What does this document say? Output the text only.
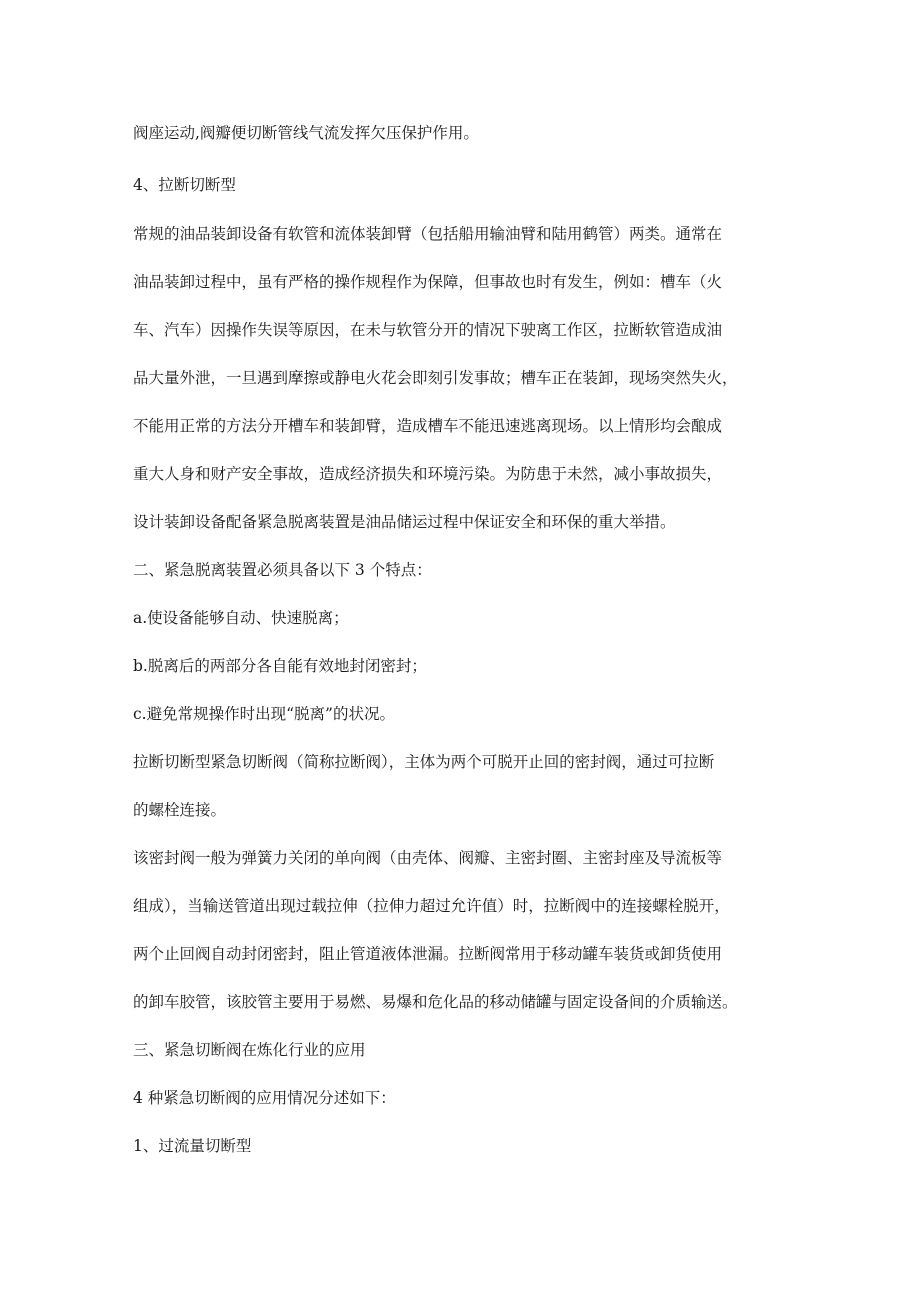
阀座运动,阀瓣便切断管线气流发挥欠压保护作用。
4、拉断切断型
常规的油品装卸设备有软管和流体装卸臂（包括船用输油臂和陆用鹤管）两类。通常在
油品装卸过程中，虽有严格的操作规程作为保障，但事故也时有发生，例如：槽车（火
车、汽车）因操作失误等原因，在未与软管分开的情况下驶离工作区，拉断软管造成油
品大量外泄，一旦遇到摩擦或静电火花会即刻引发事故；槽车正在装卸，现场突然失火，
不能用正常的方法分开槽车和装卸臂，造成槽车不能迅速逃离现场。以上情形均会酿成
重大人身和财产安全事故，造成经济损失和环境污染。为防患于未然，减小事故损失，
设计装卸设备配备紧急脱离装置是油品储运过程中保证安全和环保的重大举措。
二、紧急脱离装置必须具备以下 3 个特点：
a.使设备能够自动、快速脱离；
b.脱离后的两部分各自能有效地封闭密封；
c.避免常规操作时出现“脱离”的状况。
拉断切断型紧急切断阀（简称拉断阀），主体为两个可脱开止回的密封阀，通过可拉断
的螺栓连接。
该密封阀一般为弹簧力关闭的单向阀（由壳体、阀瓣、主密封圈、主密封座及导流板等
组成），当输送管道出现过载拉伸（拉伸力超过允许值）时，拉断阀中的连接螺栓脱开，
两个止回阀自动封闭密封，阻止管道液体泄漏。拉断阀常用于移动罐车装货或卸货使用
的卸车胶管，该胶管主要用于易燃、易爆和危化品的移动储罐与固定设备间的介质输送。
三、紧急切断阀在炼化行业的应用
4 种紧急切断阀的应用情况分述如下：
1、过流量切断型
